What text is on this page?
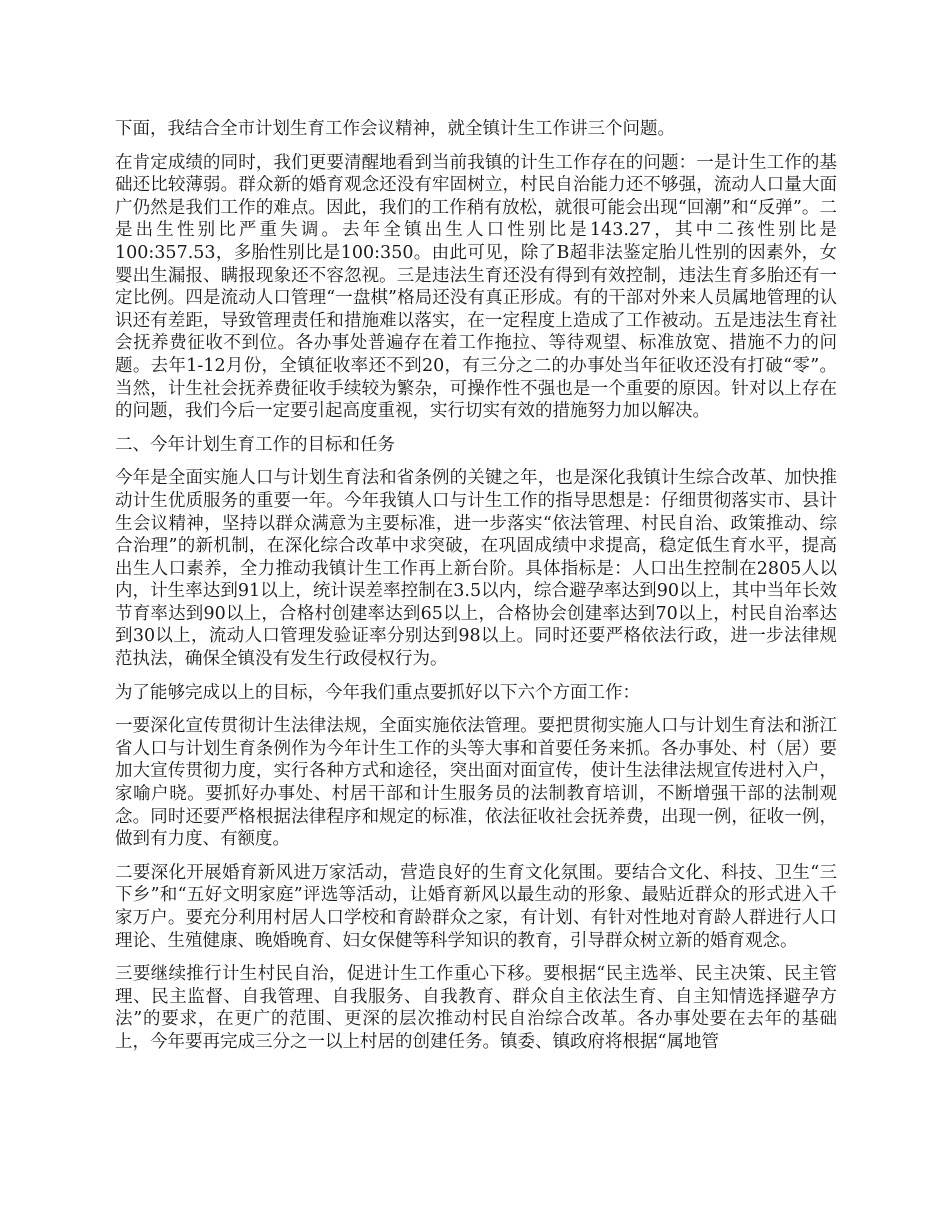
下面，我结合全市计划生育工作会议精神，就全镇计生工作讲三个问题。

在肯定成绩的同时，我们更要清醒地看到当前我镇的计生工作存在的问题：一是计生工作的基础还比较薄弱。群众新的婚育观念还没有牢固树立，村民自治能力还不够强，流动人口量大面广仍然是我们工作的难点。因此，我们的工作稍有放松，就很可能会出现“回潮”和“反弹”。二是出生性别比严重失调。去年全镇出生人口性别比是143.27，其中二孩性别比是100:357.53，多胎性别比是100:350。由此可见，除了B超非法鉴定胎儿性别的因素外，女婴出生漏报、瞒报现象还不容忽视。三是违法生育还没有得到有效控制，违法生育多胎还有一定比例。四是流动人口管理“一盘棋”格局还没有真正形成。有的干部对外来人员属地管理的认识还有差距，导致管理责任和措施难以落实，在一定程度上造成了工作被动。五是违法生育社会抚养费征收不到位。各办事处普遍存在着工作拖拉、等待观望、标准放宽、措施不力的问题。去年1-12月份，全镇征收率还不到20，有三分之二的办事处当年征收还没有打破“零”。当然，计生社会抚养费征收手续较为繁杂，可操作性不强也是一个重要的原因。针对以上存在的问题，我们今后一定要引起高度重视，实行切实有效的措施努力加以解决。

二、今年计划生育工作的目标和任务

今年是全面实施人口与计划生育法和省条例的关键之年，也是深化我镇计生综合改革、加快推动计生优质服务的重要一年。今年我镇人口与计生工作的指导思想是：仔细贯彻落实市、县计生会议精神，坚持以群众满意为主要标准，进一步落实“依法管理、村民自治、政策推动、综合治理”的新机制，在深化综合改革中求突破，在巩固成绩中求提高，稳定低生育水平，提高出生人口素养，全力推动我镇计生工作再上新台阶。具体指标是：人口出生控制在2805人以内，计生率达到91以上，统计误差率控制在3.5以内，综合避孕率达到90以上，其中当年长效节育率达到90以上，合格村创建率达到65以上，合格协会创建率达到70以上，村民自治率达到30以上，流动人口管理发验证率分别达到98以上。同时还要严格依法行政，进一步法律规范执法，确保全镇没有发生行政侵权行为。

为了能够完成以上的目标，今年我们重点要抓好以下六个方面工作：

一要深化宣传贯彻计生法律法规，全面实施依法管理。要把贯彻实施人口与计划生育法和浙江省人口与计划生育条例作为今年计生工作的头等大事和首要任务来抓。各办事处、村（居）要加大宣传贯彻力度，实行各种方式和途径，突出面对面宣传，使计生法律法规宣传进村入户，家喻户晓。要抓好办事处、村居干部和计生服务员的法制教育培训，不断增强干部的法制观念。同时还要严格根据法律程序和规定的标准，依法征收社会抚养费，出现一例，征收一例，做到有力度、有额度。

二要深化开展婚育新风进万家活动，营造良好的生育文化氛围。要结合文化、科技、卫生“三下乡”和“五好文明家庭”评选等活动，让婚育新风以最生动的形象、最贴近群众的形式进入千家万户。要充分利用村居人口学校和育龄群众之家，有计划、有针对性地对育龄人群进行人口理论、生殖健康、晚婚晚育、妇女保健等科学知识的教育，引导群众树立新的婚育观念。

三要继续推行计生村民自治，促进计生工作重心下移。要根据“民主选举、民主决策、民主管理、民主监督、自我管理、自我服务、自我教育、群众自主依法生育、自主知情选择避孕方法”的要求，在更广的范围、更深的层次推动村民自治综合改革。各办事处要在去年的基础上，今年要再完成三分之一以上村居的创建任务。镇委、镇政府将根据“属地管
